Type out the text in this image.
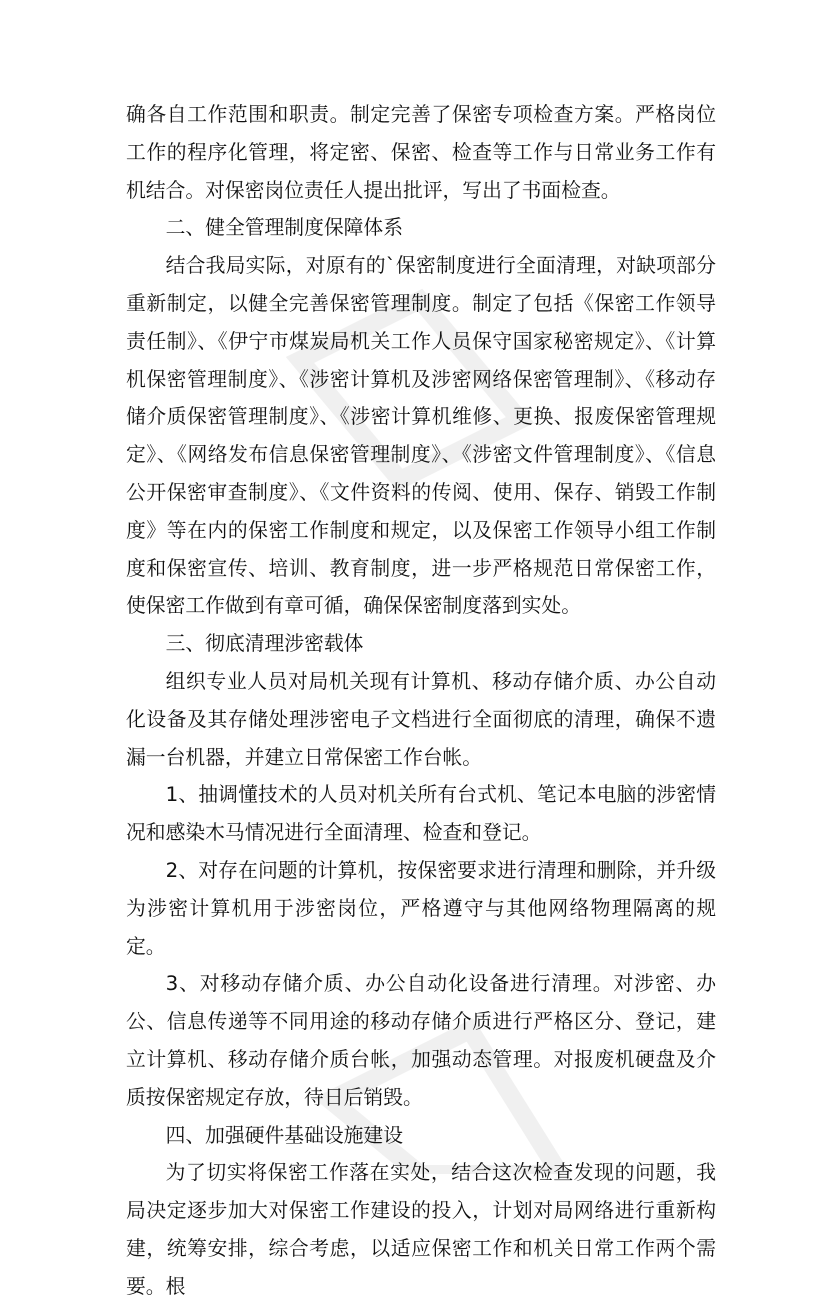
确各自工作范围和职责。制定完善了保密专项检查方案。严格岗位工作的程序化管理，将定密、保密、检查等工作与日常业务工作有机结合。对保密岗位责任人提出批评，写出了书面检查。

二、健全管理制度保障体系

结合我局实际，对原有的`保密制度进行全面清理，对缺项部分重新制定，以健全完善保密管理制度。制定了包括《保密工作领导责任制》、《伊宁市煤炭局机关工作人员保守国家秘密规定》、《计算机保密管理制度》、《涉密计算机及涉密网络保密管理制》、《移动存储介质保密管理制度》、《涉密计算机维修、更换、报废保密管理规定》、《网络发布信息保密管理制度》、《涉密文件管理制度》、《信息公开保密审查制度》、《文件资料的传阅、使用、保存、销毁工作制度》等在内的保密工作制度和规定，以及保密工作领导小组工作制度和保密宣传、培训、教育制度，进一步严格规范日常保密工作，使保密工作做到有章可循，确保保密制度落到实处。

三、彻底清理涉密载体

组织专业人员对局机关现有计算机、移动存储介质、办公自动化设备及其存储处理涉密电子文档进行全面彻底的清理，确保不遗漏一台机器，并建立日常保密工作台帐。

1、抽调懂技术的人员对机关所有台式机、笔记本电脑的涉密情况和感染木马情况进行全面清理、检查和登记。

2、对存在问题的计算机，按保密要求进行清理和删除，并升级为涉密计算机用于涉密岗位，严格遵守与其他网络物理隔离的规定。

3、对移动存储介质、办公自动化设备进行清理。对涉密、办公、信息传递等不同用途的移动存储介质进行严格区分、登记，建立计算机、移动存储介质台帐，加强动态管理。对报废机硬盘及介质按保密规定存放，待日后销毁。

四、加强硬件基础设施建设

为了切实将保密工作落在实处，结合这次检查发现的问题，我局决定逐步加大对保密工作建设的投入，计划对局网络进行重新构建，统筹安排，综合考虑，以适应保密工作和机关日常工作两个需要。根
